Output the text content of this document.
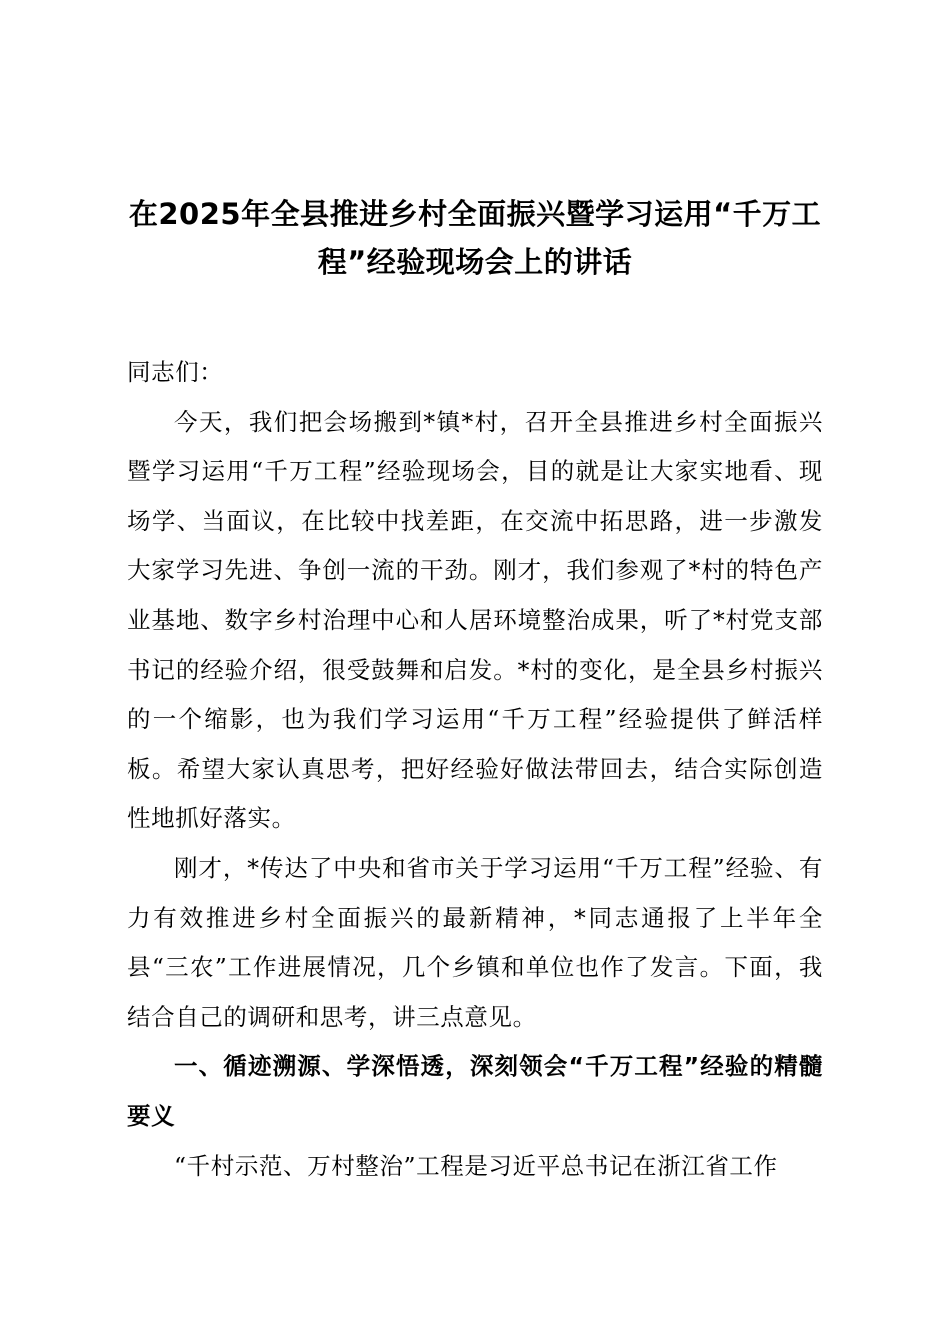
在2025年全县推进乡村全面振兴暨学习运用“千万工程”经验现场会上的讲话

同志们：

今天，我们把会场搬到*镇*村，召开全县推进乡村全面振兴暨学习运用“千万工程”经验现场会，目的就是让大家实地看、现场学、当面议，在比较中找差距，在交流中拓思路，进一步激发大家学习先进、争创一流的干劲。刚才，我们参观了*村的特色产业基地、数字乡村治理中心和人居环境整治成果，听了*村党支部书记的经验介绍，很受鼓舞和启发。*村的变化，是全县乡村振兴的一个缩影，也为我们学习运用“千万工程”经验提供了鲜活样板。希望大家认真思考，把好经验好做法带回去，结合实际创造性地抓好落实。

刚才，*传达了中央和省市关于学习运用“千万工程”经验、有力有效推进乡村全面振兴的最新精神，*同志通报了上半年全县“三农”工作进展情况，几个乡镇和单位也作了发言。下面，我结合自己的调研和思考，讲三点意见。

一、循迹溯源、学深悟透，深刻领会“千万工程”经验的精髓要义

“千村示范、万村整治”工程是习近平总书记在浙江省工作
